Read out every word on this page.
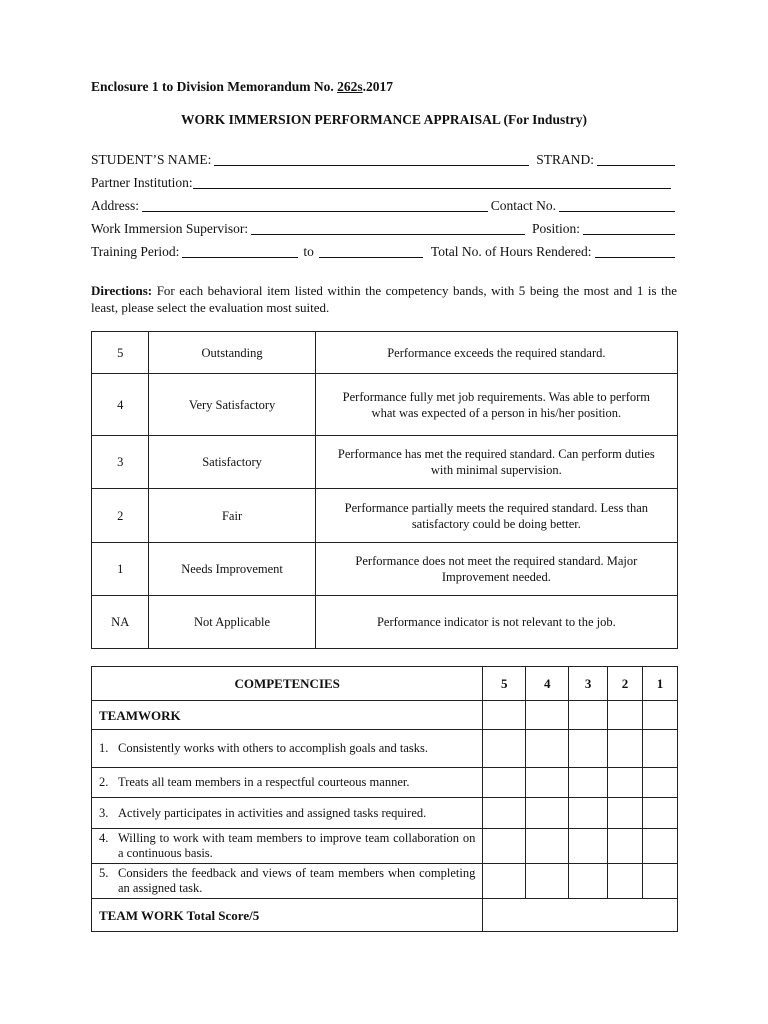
Enclosure 1 to Division Memorandum No. 262s.2017
WORK IMMERSION PERFORMANCE APPRAISAL (For Industry)
STUDENT’S NAME:	STRAND:
Partner Institution:
Address:	Contact No.
Work Immersion Supervisor:	Position:
Training Period:	to	Total No. of Hours Rendered:
Directions: For each behavioral item listed within the competency bands, with 5 being the most and 1 is the least, please select the evaluation most suited.
5	Outstanding	Performance exceeds the required standard.
4	Very Satisfactory	Performance fully met job requirements. Was able to perform what was expected of a person in his/her position.
3	Satisfactory	Performance has met the required standard. Can perform duties with minimal supervision.
2	Fair	Performance partially meets the required standard. Less than satisfactory could be doing better.
1	Needs Improvement	Performance does not meet the required standard. Major Improvement needed.
NA	Not Applicable	Performance indicator is not relevant to the job.
COMPETENCIES	5	4	3	2	1
TEAMWORK					

1. Consistently works with others to accomplish goals and tasks.					

2. Treats all team members in a respectful courteous manner.					

3. Actively participates in activities and assigned tasks required.					

4. Willing to work with team members to improve team collaboration on a continuous basis.					

5. Considers the feedback and views of team members when completing an assigned task.					

TEAM WORK Total Score/5					
